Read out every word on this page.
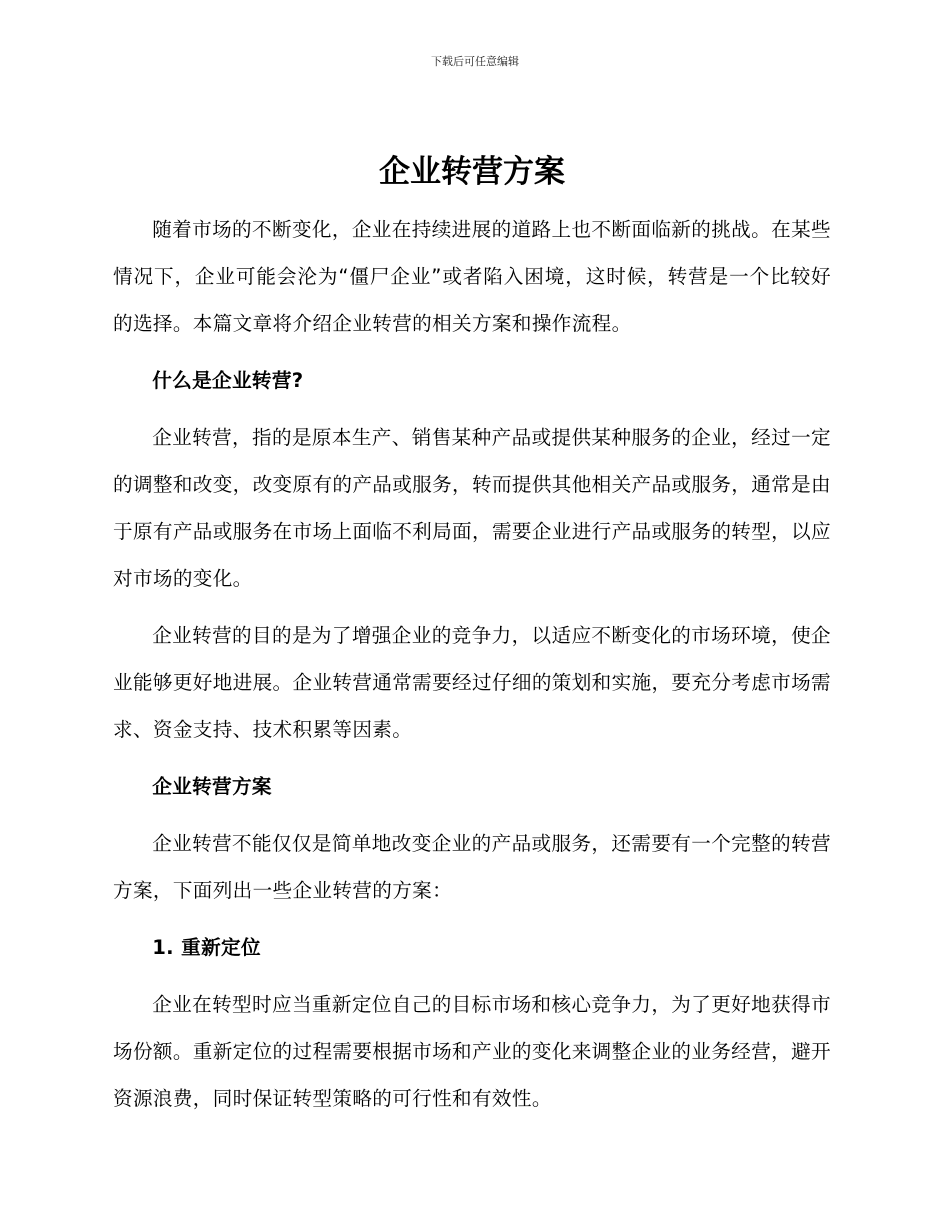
下载后可任意编辑
企业转营方案

随着市场的不断变化，企业在持续进展的道路上也不断面临新的挑战。在某些情况下，企业可能会沦为“僵尸企业”或者陷入困境，这时候，转营是一个比较好的选择。本篇文章将介绍企业转营的相关方案和操作流程。

什么是企业转营?

企业转营，指的是原本生产、销售某种产品或提供某种服务的企业，经过一定的调整和改变，改变原有的产品或服务，转而提供其他相关产品或服务，通常是由于原有产品或服务在市场上面临不利局面，需要企业进行产品或服务的转型，以应对市场的变化。

企业转营的目的是为了增强企业的竞争力，以适应不断变化的市场环境，使企业能够更好地进展。企业转营通常需要经过仔细的策划和实施，要充分考虑市场需求、资金支持、技术积累等因素。

企业转营方案

企业转营不能仅仅是简单地改变企业的产品或服务，还需要有一个完整的转营方案，下面列出一些企业转营的方案：

1. 重新定位

企业在转型时应当重新定位自己的目标市场和核心竞争力，为了更好地获得市场份额。重新定位的过程需要根据市场和产业的变化来调整企业的业务经营，避开资源浪费，同时保证转型策略的可行性和有效性。
